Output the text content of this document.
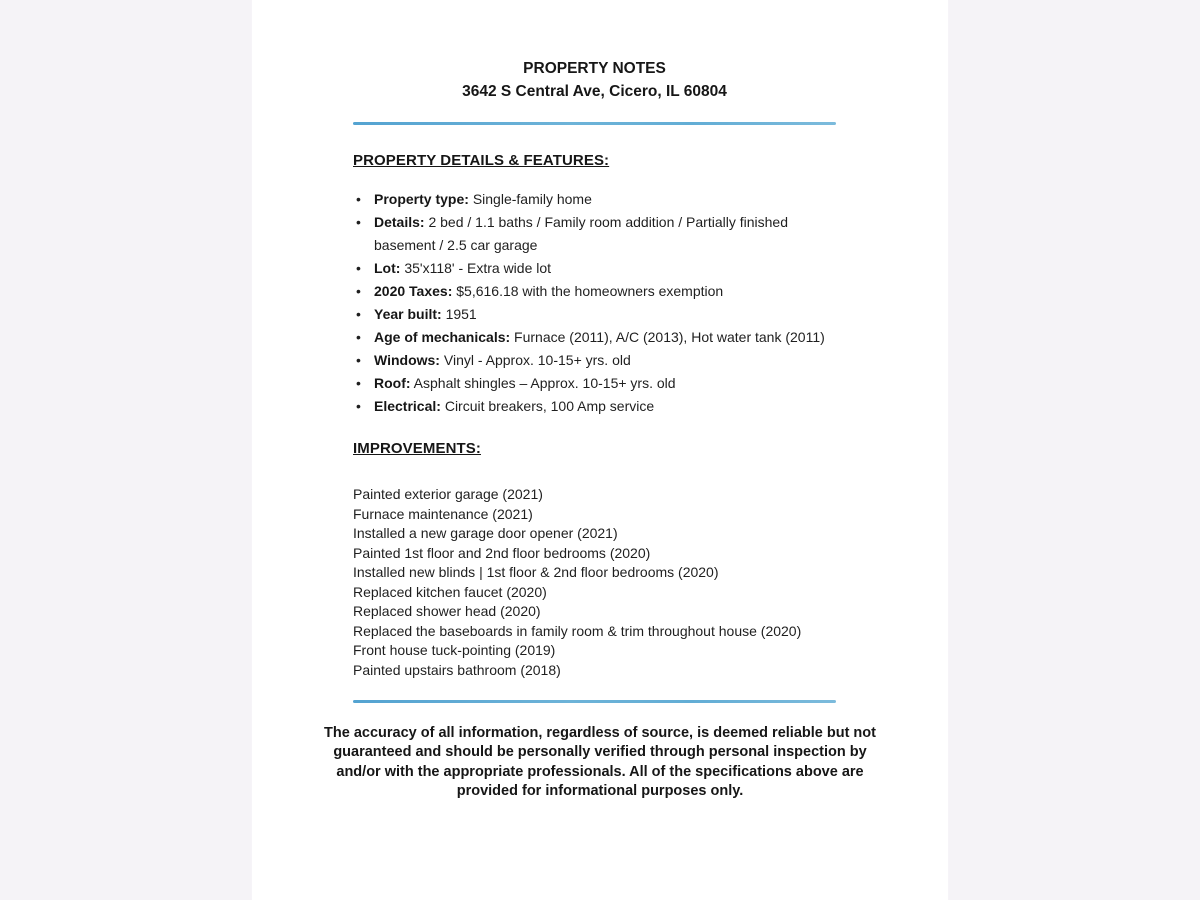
PROPERTY NOTES
3642 S Central Ave, Cicero, IL 60804
PROPERTY DETAILS & FEATURES:
• Property type: Single-family home
• Details: 2 bed / 1.1 baths / Family room addition / Partially finished basement / 2.5 car garage
• Lot: 35'x118' - Extra wide lot
• 2020 Taxes: $5,616.18 with the homeowners exemption
• Year built: 1951
• Age of mechanicals: Furnace (2011), A/C (2013), Hot water tank (2011)
• Windows: Vinyl - Approx. 10-15+ yrs. old
• Roof: Asphalt shingles – Approx. 10-15+ yrs. old
• Electrical: Circuit breakers, 100 Amp service
IMPROVEMENTS:
Painted exterior garage (2021)
Furnace maintenance (2021)
Installed a new garage door opener (2021)
Painted 1st floor and 2nd floor bedrooms (2020)
Installed new blinds | 1st floor & 2nd floor bedrooms (2020)
Replaced kitchen faucet (2020)
Replaced shower head (2020)
Replaced the baseboards in family room & trim throughout house (2020)
Front house tuck-pointing (2019)
Painted upstairs bathroom (2018)
The accuracy of all information, regardless of source, is deemed reliable but not
guaranteed and should be personally verified through personal inspection by
and/or with the appropriate professionals. All of the specifications above are
provided for informational purposes only.
